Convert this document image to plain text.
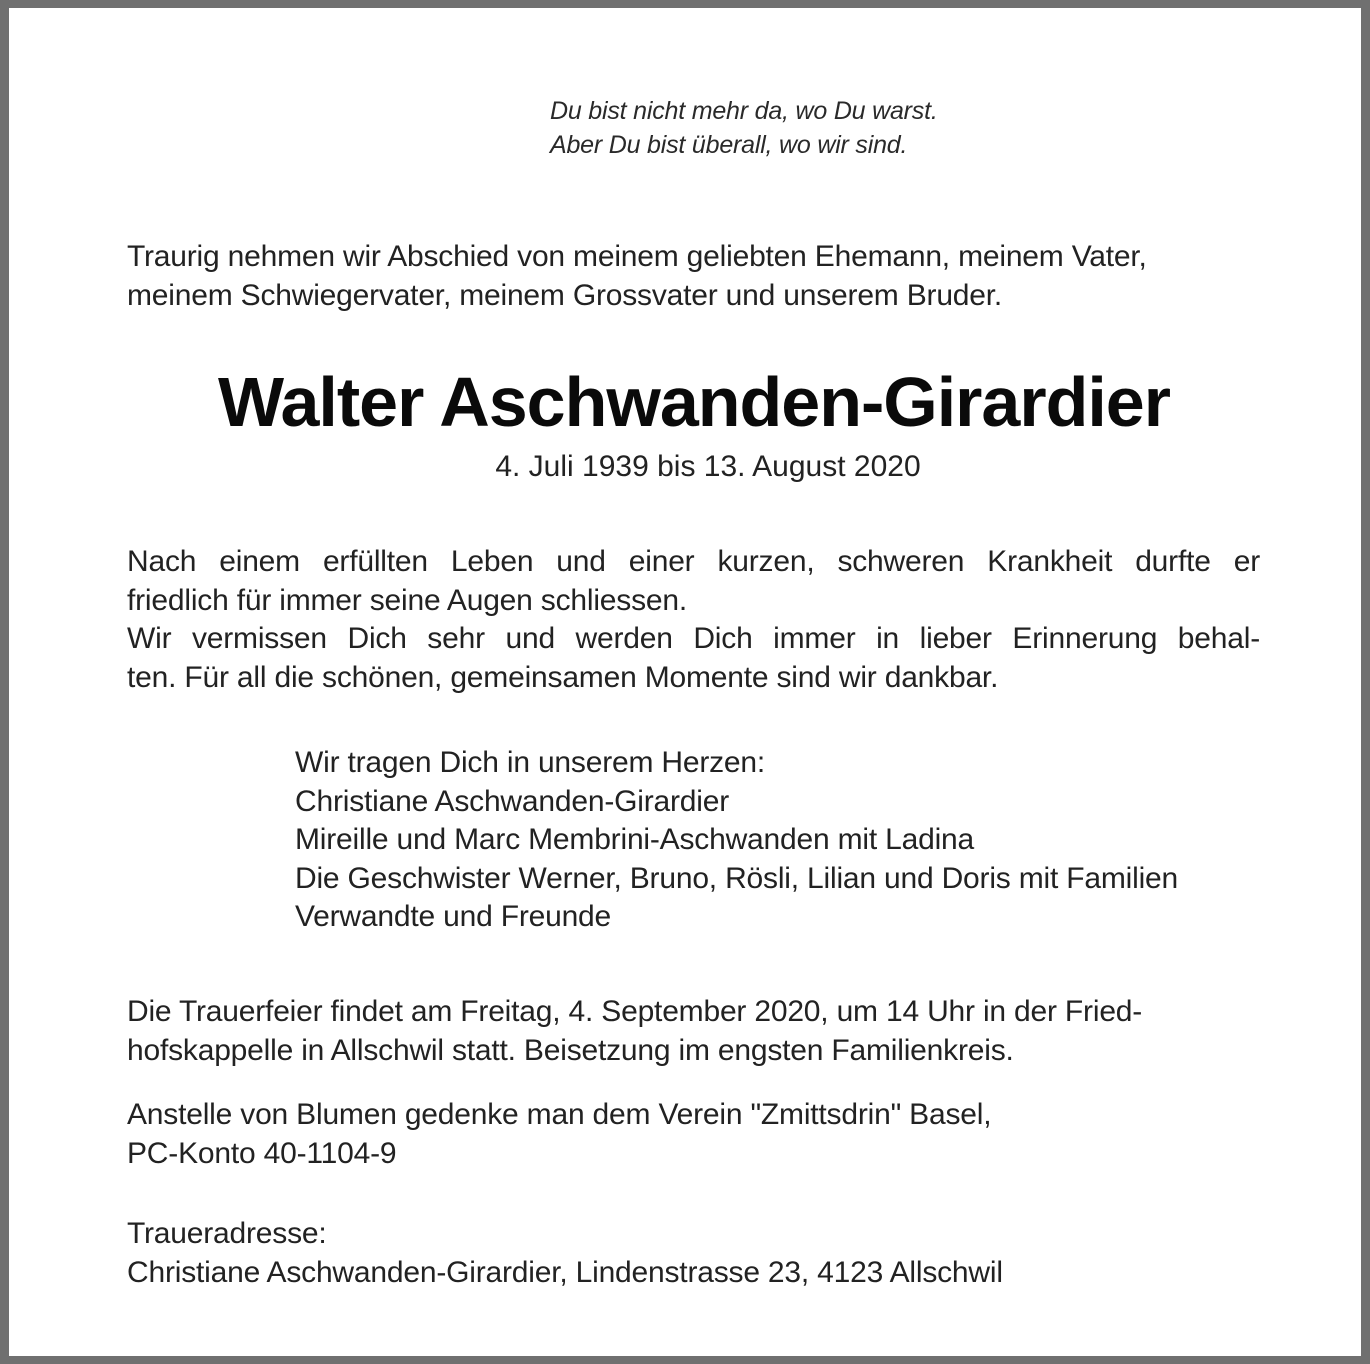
Du bist nicht mehr da, wo Du warst.
Aber Du bist überall, wo wir sind.
Traurig nehmen wir Abschied von meinem geliebten Ehemann, meinem Vater,
meinem Schwiegervater, meinem Grossvater und unserem Bruder.
Walter Aschwanden-Girardier
4. Juli 1939 bis 13. August 2020
Nach einem erfüllten Leben und einer kurzen, schweren Krankheit durfte er
friedlich für immer seine Augen schliessen.
Wir vermissen Dich sehr und werden Dich immer in lieber Erinnerung behal-
ten. Für all die schönen, gemeinsamen Momente sind wir dankbar.
Wir tragen Dich in unserem Herzen:
Christiane Aschwanden-Girardier
Mireille und Marc Membrini-Aschwanden mit Ladina
Die Geschwister Werner, Bruno, Rösli, Lilian und Doris mit Familien
Verwandte und Freunde
Die Trauerfeier findet am Freitag, 4. September 2020, um 14 Uhr in der Fried-
hofskappelle in Allschwil statt. Beisetzung im engsten Familienkreis.
Anstelle von Blumen gedenke man dem Verein "Zmittsdrin" Basel,
PC-Konto 40-1104-9
Traueradresse:
Christiane Aschwanden-Girardier, Lindenstrasse 23, 4123 Allschwil
